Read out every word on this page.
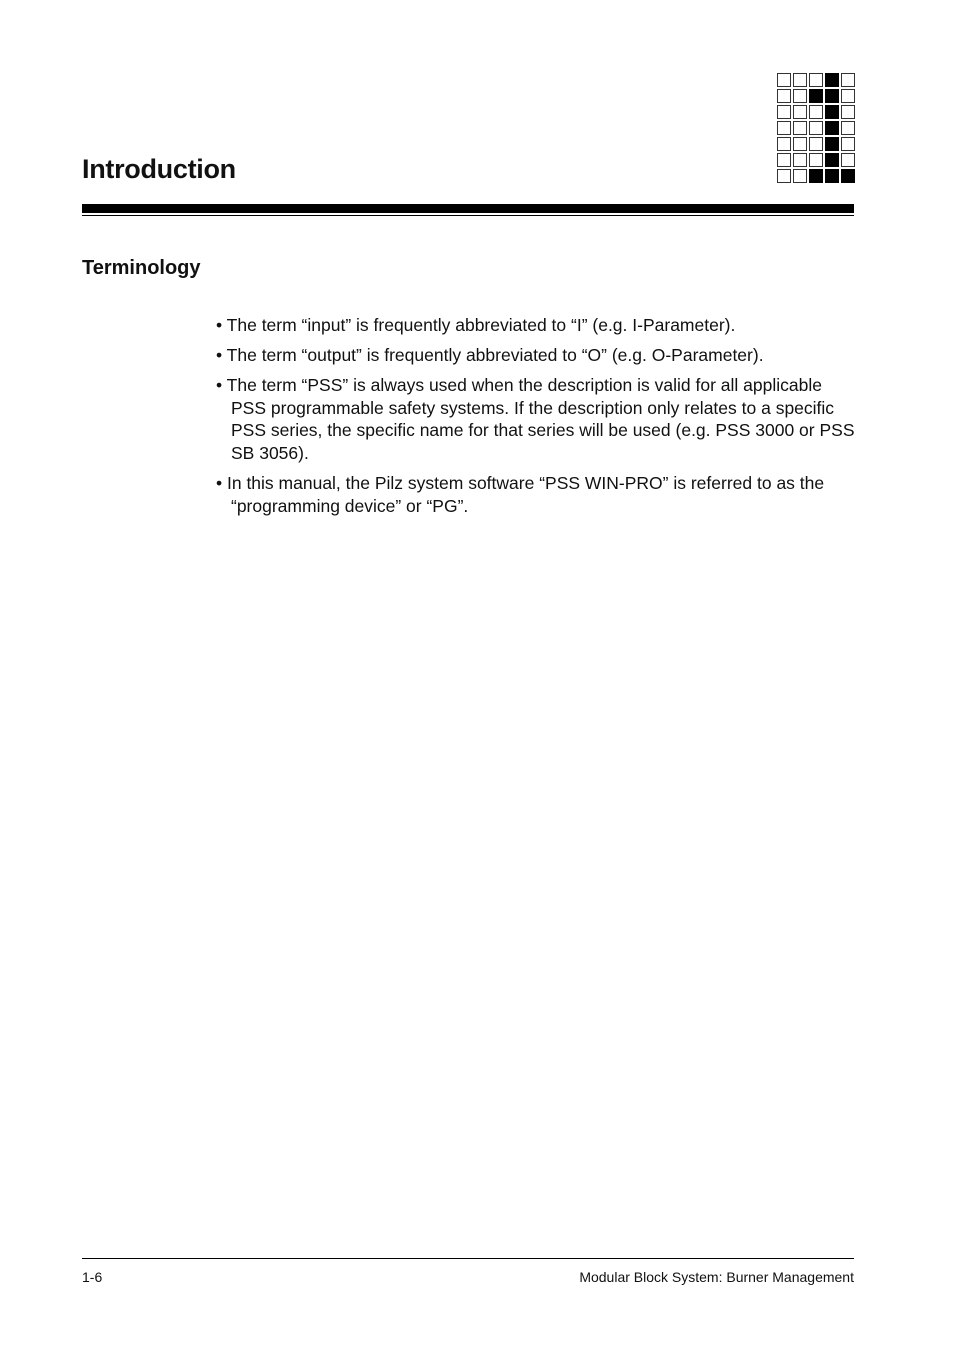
Introduction
Terminology
• The term “input” is frequently abbreviated to “I” (e.g. I-Parameter).
• The term “output” is frequently abbreviated to “O” (e.g. O-Parameter).
• The term “PSS” is always used when the description is valid for all applicable PSS programmable safety systems. If the description only relates to a specific PSS series, the specific name for that series will be used (e.g. PSS 3000 or PSS SB 3056).
• In this manual, the Pilz system software “PSS WIN-PRO” is referred to as the “programming device” or “PG”.
1-6	Modular Block System: Burner Management
